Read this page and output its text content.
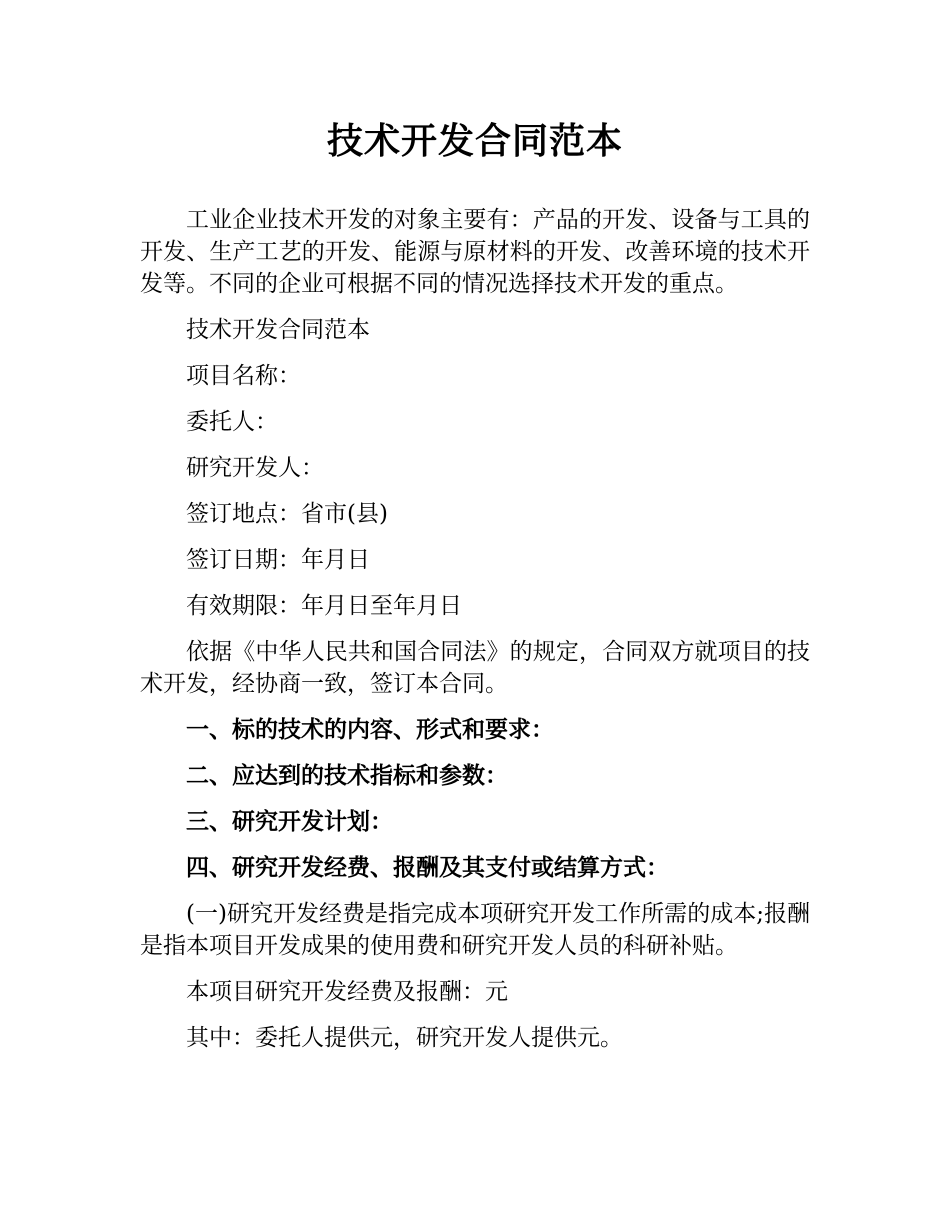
技术开发合同范本

工业企业技术开发的对象主要有：产品的开发、设备与工具的开发、生产工艺的开发、能源与原材料的开发、改善环境的技术开发等。不同的企业可根据不同的情况选择技术开发的重点。

技术开发合同范本

项目名称：

委托人：

研究开发人：

签订地点：省市(县)

签订日期：年月日

有效期限：年月日至年月日

依据《中华人民共和国合同法》的规定，合同双方就项目的技术开发，经协商一致，签订本合同。

一、标的技术的内容、形式和要求：

二、应达到的技术指标和参数：

三、研究开发计划：

四、研究开发经费、报酬及其支付或结算方式：

(一)研究开发经费是指完成本项研究开发工作所需的成本;报酬是指本项目开发成果的使用费和研究开发人员的科研补贴。

本项目研究开发经费及报酬：元

其中：委托人提供元，研究开发人提供元。
